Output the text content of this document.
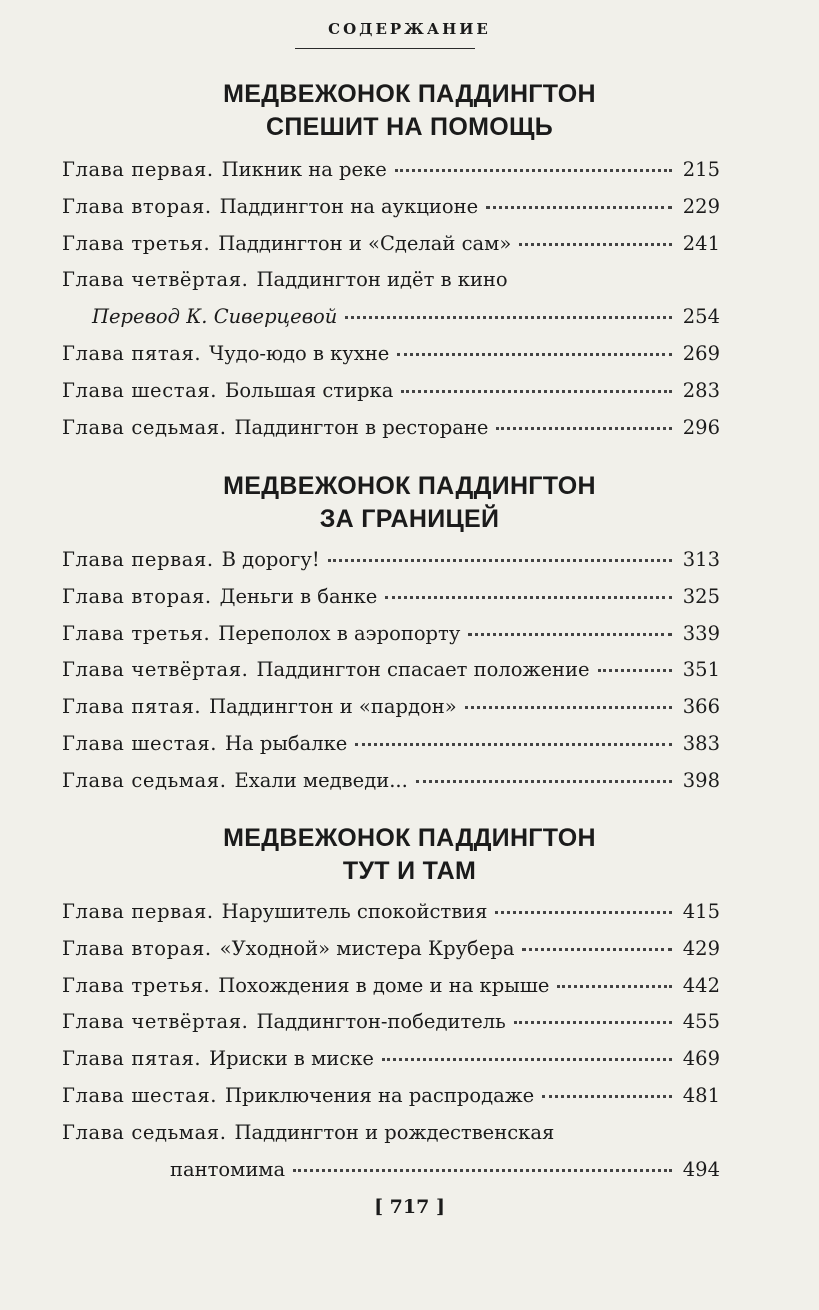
СОДЕРЖАНИЕ
МЕДВЕЖОНОК ПАДДИНГТОН
СПЕШИТ НА ПОМОЩЬ
Глава первая. Пикник на реке	215
Глава вторая. Паддингтон на аукционе	229
Глава третья. Паддингтон и «Сделай сам»	241
Глава четвёртая. Паддингтон идёт в кино
Перевод К. Сиверцевой	254
Глава пятая. Чудо-юдо в кухне	269
Глава шестая. Большая стирка	283
Глава седьмая. Паддингтон в ресторане	296
МЕДВЕЖОНОК ПАДДИНГТОН
ЗА ГРАНИЦЕЙ
Глава первая. В дорогу!	313
Глава вторая. Деньги в банке	325
Глава третья. Переполох в аэропорту	339
Глава четвёртая. Паддингтон спасает положение	351
Глава пятая. Паддингтон и «пардон»	366
Глава шестая. На рыбалке	383
Глава седьмая. Ехали медведи...	398
МЕДВЕЖОНОК ПАДДИНГТОН
ТУТ И ТАМ
Глава первая. Нарушитель спокойствия	415
Глава вторая. «Уходной» мистера Крубера	429
Глава третья. Похождения в доме и на крыше	442
Глава четвёртая. Паддингтон-победитель	455
Глава пятая. Ириски в миске	469
Глава шестая. Приключения на распродаже	481
Глава седьмая. Паддингтон и рождественская
пантомима	494
[ 717 ]
